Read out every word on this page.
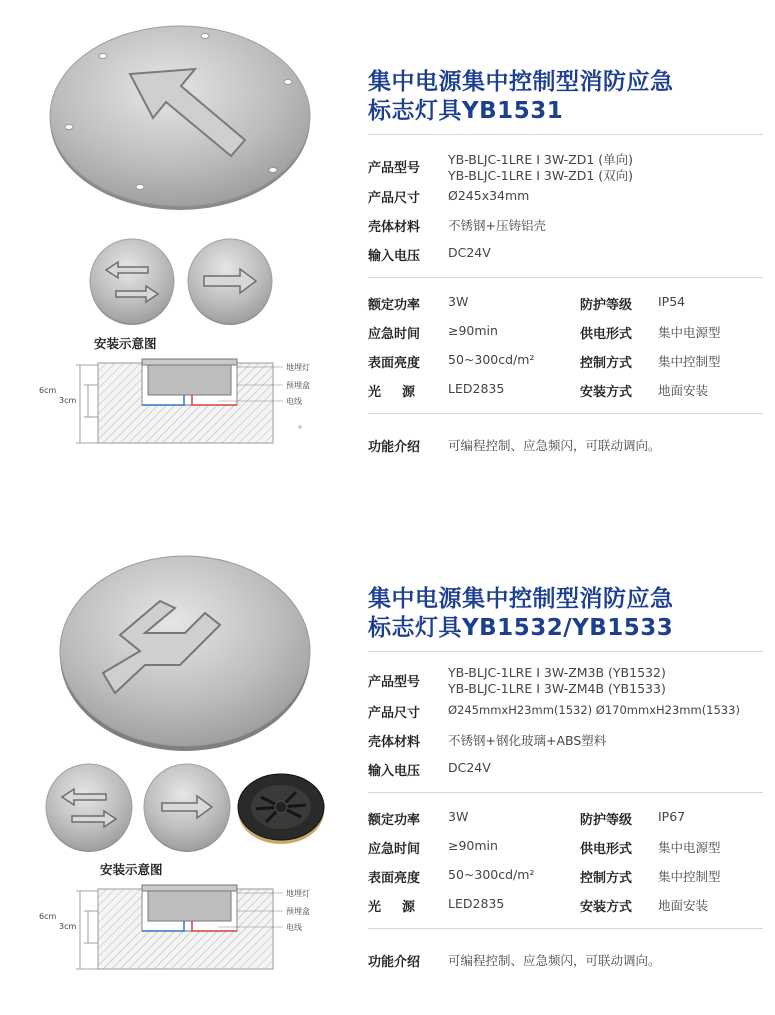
安装示意图
6cm
3cm
地埋灯
预埋盒
电线
集中电源集中控制型消防应急
标志灯具YB1531
产品型号
YB-BLJC-1LRE I 3W-ZD1 (单向)
YB-BLJC-1LRE I 3W-ZD1 (双向)
产品尺寸 Ø245x34mm
壳体材料 不锈钢+压铸铝壳
输入电压 DC24V
额定功率 3W	防护等级 IP54
应急时间 ≥90min	供电形式 集中电源型
表面亮度 50~300cd/m²	控制方式 集中控制型
光　源 LED2835	安装方式 地面安装
功能介绍 可编程控制、应急频闪，可联动调向。
安装示意图
6cm
3cm
地埋灯
预埋盒
电线
集中电源集中控制型消防应急
标志灯具YB1532/YB1533
产品型号
YB-BLJC-1LRE I 3W-ZM3B (YB1532)
YB-BLJC-1LRE I 3W-ZM4B (YB1533)
产品尺寸 Ø245mmxH23mm(1532) Ø170mmxH23mm(1533)
壳体材料 不锈钢+钢化玻璃+ABS塑料
输入电压 DC24V
额定功率 3W	防护等级 IP67
应急时间 ≥90min	供电形式 集中电源型
表面亮度 50~300cd/m²	控制方式 集中控制型
光　源 LED2835	安装方式 地面安装
功能介绍 可编程控制、应急频闪，可联动调向。
